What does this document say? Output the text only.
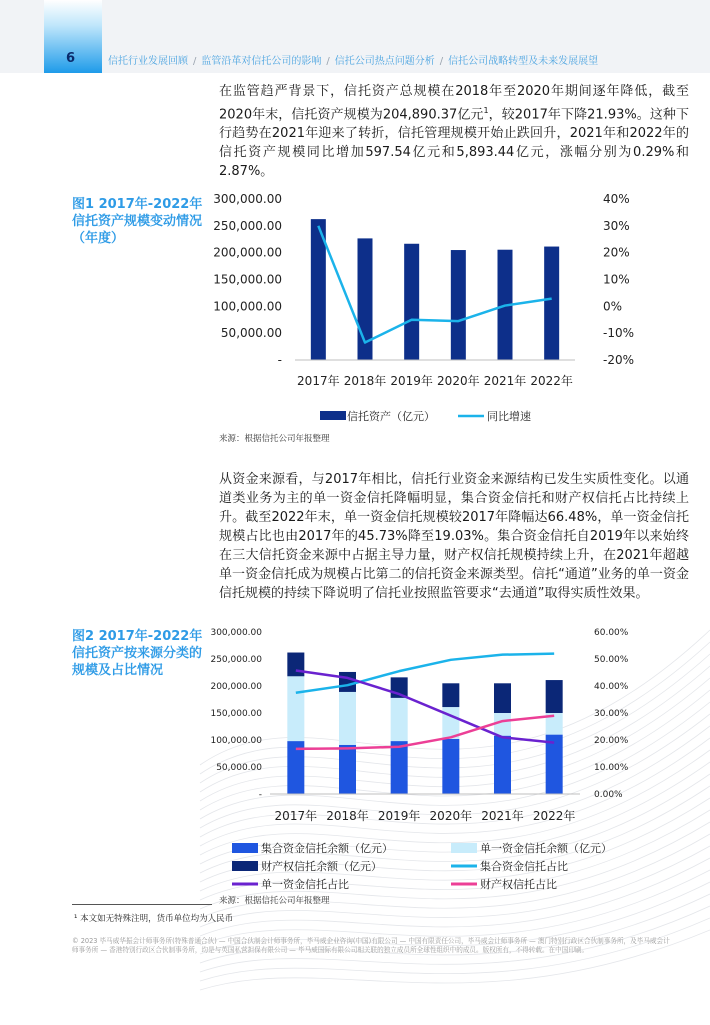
6	信托行业发展回顾 / 监管沿革对信托公司的影响 / 信托公司热点问题分析 / 信托公司战略转型及未来发展展望

在监管趋严背景下，信托资产总规模在2018年至2020年期间逐年降低，截至2020年末，信托资产规模为204,890.37亿元$^1$，较2017年下降21.93%。这种下行趋势在2021年迎来了转折，信托管理规模开始止跌回升，2021年和2022年的信托资产规模同比增加597.54亿元和5,893.44亿元，涨幅分别为0.29%和2.87%。

图1 2017年-2022年信托资产规模变动情况（年度）
-
50,000.00
100,000.00
150,000.00
200,000.00
250,000.00
300,000.00
-20%
-10%
0%
10%
20%
30%
40%
2017年 2018年 2019年 2020年 2021年 2022年
信托资产（亿元）	同比增速
来源：根据信托公司年报整理

从资金来源看，与2017年相比，信托行业资金来源结构已发生实质性变化。以通道类业务为主的单一资金信托降幅明显，集合资金信托和财产权信托占比持续上升。截至2022年末，单一资金信托规模较2017年降幅达66.48%，单一资金信托规模占比也由2017年的45.73%降至19.03%。集合资金信托自2019年以来始终在三大信托资金来源中占据主导力量，财产权信托规模持续上升，在2021年超越单一资金信托成为规模占比第二的信托资金来源类型。信托“通道”业务的单一资金信托规模的持续下降说明了信托业按照监管要求“去通道”取得实质性效果。

图2 2017年-2022年信托资产按来源分类的规模及占比情况
-
50,000.00
100,000.00
150,000.00
200,000.00
250,000.00
300,000.00
0.00%
10.00%
20.00%
30.00%
40.00%
50.00%
60.00%
2017年 2018年 2019年 2020年 2021年 2022年
集合资金信托余额（亿元）	单一资金信托余额（亿元）
财产权信托余额（亿元）	集合资金信托占比
单一资金信托占比	财产权信托占比
来源：根据信托公司年报整理
¹ 本文如无特殊注明，货币单位均为人民币
© 2023 毕马威华振会计师事务所(特殊普通合伙) — 中国合伙制会计师事务所，毕马威企业咨询(中国)有限公司 — 中国有限责任公司，毕马威会计师事务所 — 澳门特别行政区合伙制事务所，及毕马威会计师事务所 — 香港特别行政区合伙制事务所，均是与英国私营担保有限公司 — 毕马威国际有限公司相关联的独立成员所全球性组织中的成员。版权所有，不得转载。在中国印刷。
